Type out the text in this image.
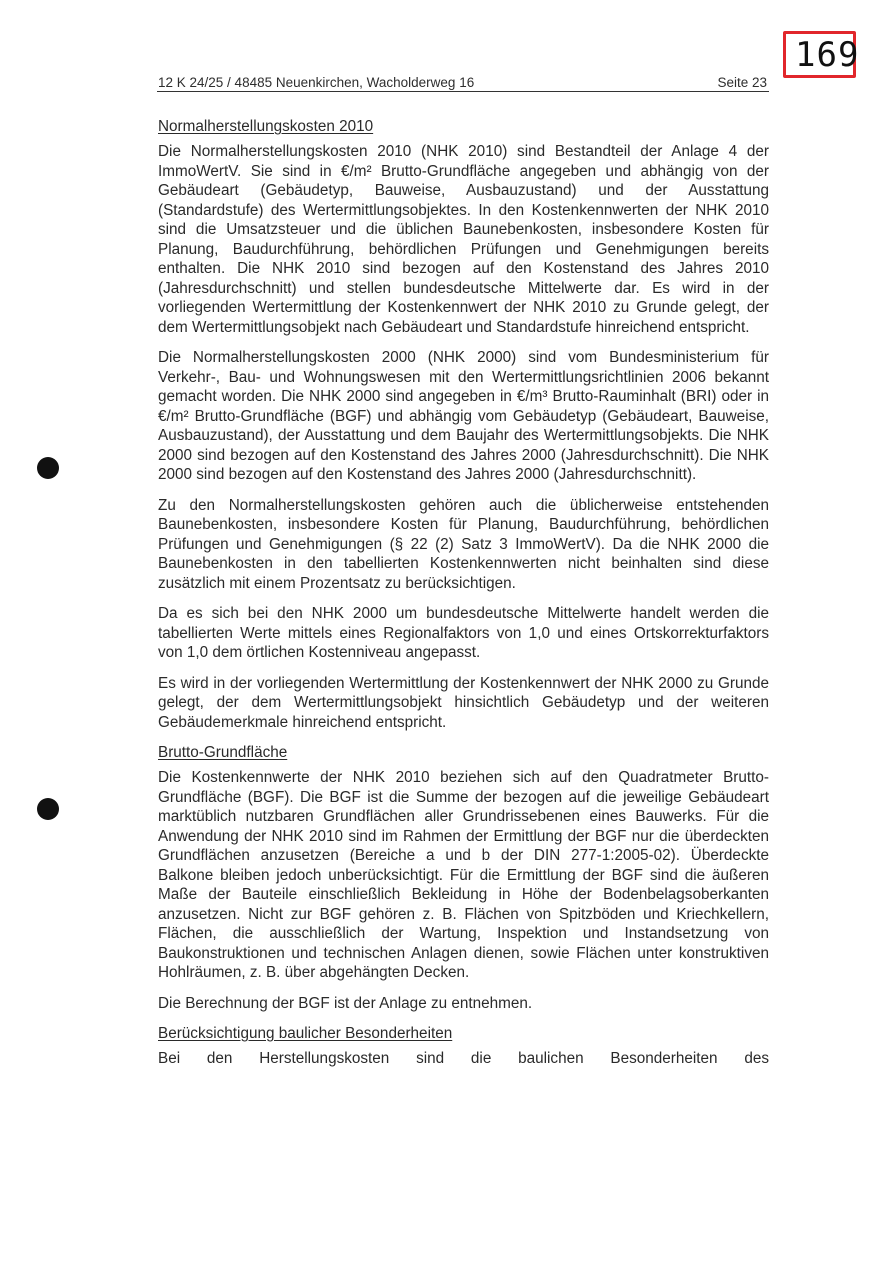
169
12 K 24/25 / 48485 Neuenkirchen, Wacholderweg 16	Seite 23
Normalherstellungskosten 2010

Die Normalherstellungskosten 2010 (NHK 2010) sind Bestandteil der Anlage 4 der ImmoWertV. Sie sind in €/m² Brutto-Grundfläche angegeben und abhängig von der Gebäudeart (Gebäudetyp, Bauweise, Ausbauzustand) und der Ausstattung (Standardstufe) des Wertermittlungsobjektes. In den Kostenkennwerten der NHK 2010 sind die Umsatzsteuer und die üblichen Baunebenkosten, insbesondere Kosten für Planung, Baudurchführung, behördlichen Prüfungen und Genehmigungen bereits enthalten. Die NHK 2010 sind bezogen auf den Kostenstand des Jahres 2010 (Jahresdurchschnitt) und stellen bundesdeutsche Mittelwerte dar. Es wird in der vorliegenden Wertermittlung der Kostenkennwert der NHK 2010 zu Grunde gelegt, der dem Wertermittlungsobjekt nach Gebäudeart und Standardstufe hinreichend entspricht.

Die Normalherstellungskosten 2000 (NHK 2000) sind vom Bundesministerium für Verkehr-, Bau- und Wohnungswesen mit den Wertermittlungsrichtlinien 2006 bekannt gemacht worden. Die NHK 2000 sind angegeben in €/m³ Brutto-Rauminhalt (BRI) oder in €/m² Brutto-Grundfläche (BGF) und abhängig vom Gebäudetyp (Gebäudeart, Bauweise, Ausbauzustand), der Ausstattung und dem Baujahr des Wertermittlungsobjekts. Die NHK 2000 sind bezogen auf den Kostenstand des Jahres 2000 (Jahresdurchschnitt). Die NHK 2000 sind bezogen auf den Kostenstand des Jahres 2000 (Jahresdurchschnitt).

Zu den Normalherstellungskosten gehören auch die üblicherweise entstehenden Baunebenkosten, insbesondere Kosten für Planung, Baudurchführung, behördlichen Prüfungen und Genehmigungen (§ 22 (2) Satz 3 ImmoWertV). Da die NHK 2000 die Baunebenkosten in den tabellierten Kostenkennwerten nicht beinhalten sind diese zusätzlich mit einem Prozentsatz zu berücksichtigen.

Da es sich bei den NHK 2000 um bundesdeutsche Mittelwerte handelt werden die tabellierten Werte mittels eines Regionalfaktors von 1,0 und eines Ortskorrekturfaktors von 1,0 dem örtlichen Kostenniveau angepasst.

Es wird in der vorliegenden Wertermittlung der Kostenkennwert der NHK 2000 zu Grunde gelegt, der dem Wertermittlungsobjekt hinsichtlich Gebäudetyp und der weiteren Gebäudemerkmale hinreichend entspricht.

Brutto-Grundfläche

Die Kostenkennwerte der NHK 2010 beziehen sich auf den Quadratmeter Brutto-Grundfläche (BGF). Die BGF ist die Summe der bezogen auf die jeweilige Gebäudeart marktüblich nutzbaren Grundflächen aller Grundrissebenen eines Bauwerks. Für die Anwendung der NHK 2010 sind im Rahmen der Ermittlung der BGF nur die überdeckten Grundflächen anzusetzen (Bereiche a und b der DIN 277-1:2005-02). Überdeckte Balkone bleiben jedoch unberücksichtigt. Für die Ermittlung der BGF sind die äußeren Maße der Bauteile einschließlich Bekleidung in Höhe der Bodenbelagsoberkanten anzusetzen. Nicht zur BGF gehören z. B. Flächen von Spitzböden und Kriechkellern, Flächen, die ausschließlich der Wartung, Inspektion und Instandsetzung von Baukonstruktionen und technischen Anlagen dienen, sowie Flächen unter konstruktiven Hohlräumen, z. B. über abgehängten Decken.

Die Berechnung der BGF ist der Anlage zu entnehmen.

Berücksichtigung baulicher Besonderheiten

Bei den Herstellungskosten sind die baulichen Besonderheiten des
